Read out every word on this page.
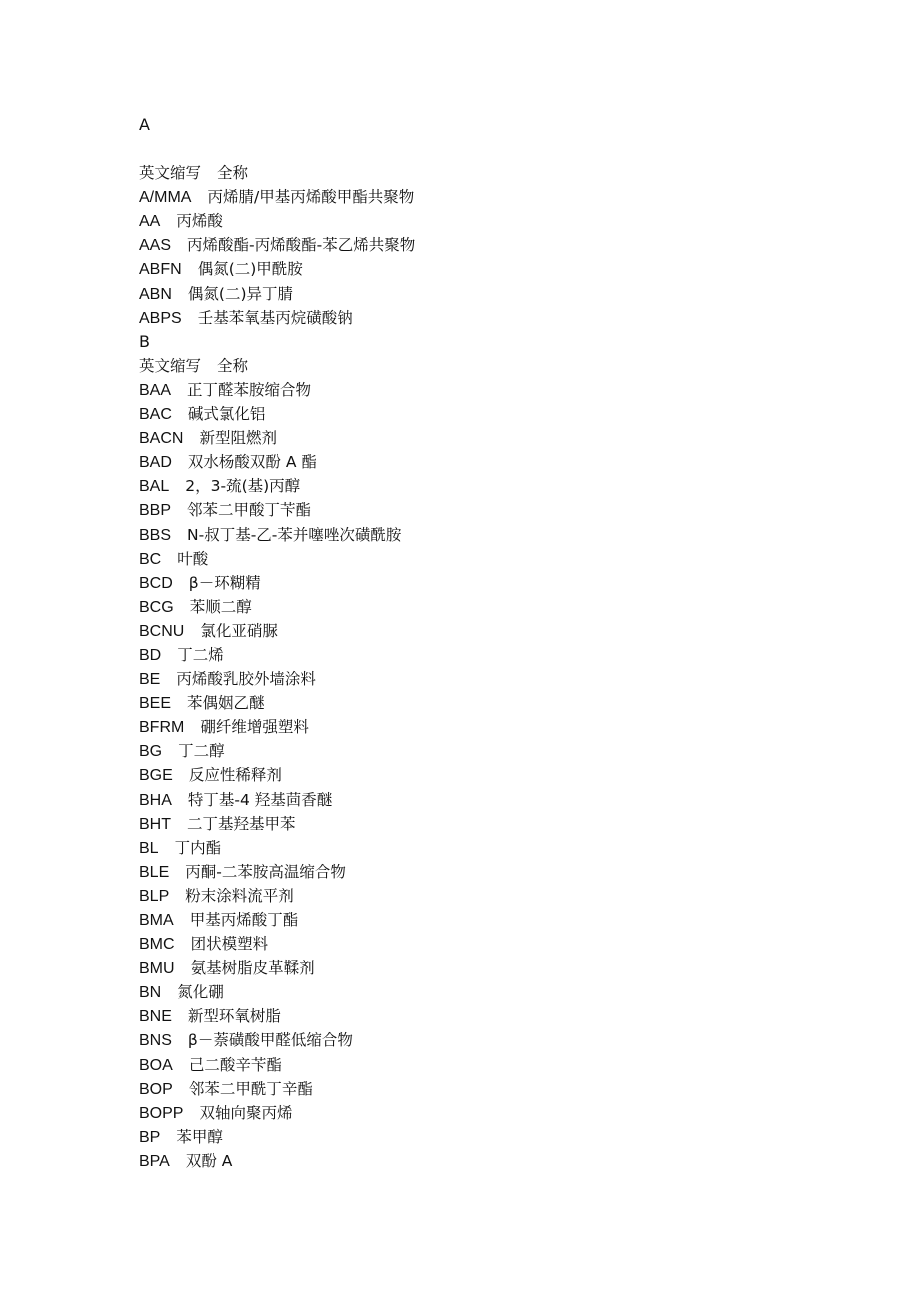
A
英文缩写　 全称
A/MMA　 丙烯腈/甲基丙烯酸甲酯共聚物
AA　 丙烯酸
AAS　 丙烯酸酯-丙烯酸酯-苯乙烯共聚物
ABFN　 偶氮(二)甲酰胺
ABN　 偶氮(二)异丁腈
ABPS　 壬基苯氧基丙烷磺酸钠
B
英文缩写　 全称
BAA　 正丁醛苯胺缩合物
BAC　 碱式氯化铝
BACN　 新型阻燃剂
BAD　 双水杨酸双酚 A 酯
BAL　 2，3-巯(基)丙醇
BBP　 邻苯二甲酸丁苄酯
BBS　 N-叔丁基-乙-苯并噻唑次磺酰胺
BC　 叶酸
BCD　 β－环糊精
BCG　 苯顺二醇
BCNU　 氯化亚硝脲
BD　 丁二烯
BE　 丙烯酸乳胶外墙涂料
BEE　 苯偶姻乙醚
BFRM　 硼纤维增强塑料
BG　 丁二醇
BGE　 反应性稀释剂
BHA　 特丁基-4 羟基茴香醚
BHT　 二丁基羟基甲苯
BL　 丁内酯
BLE　 丙酮-二苯胺高温缩合物
BLP　 粉末涂料流平剂
BMA　 甲基丙烯酸丁酯
BMC　 团状模塑料
BMU　 氨基树脂皮革鞣剂
BN　 氮化硼
BNE　 新型环氧树脂
BNS　 β－萘磺酸甲醛低缩合物
BOA　 己二酸辛苄酯
BOP　 邻苯二甲酰丁辛酯
BOPP　 双轴向聚丙烯
BP　 苯甲醇
BPA　 双酚 A
